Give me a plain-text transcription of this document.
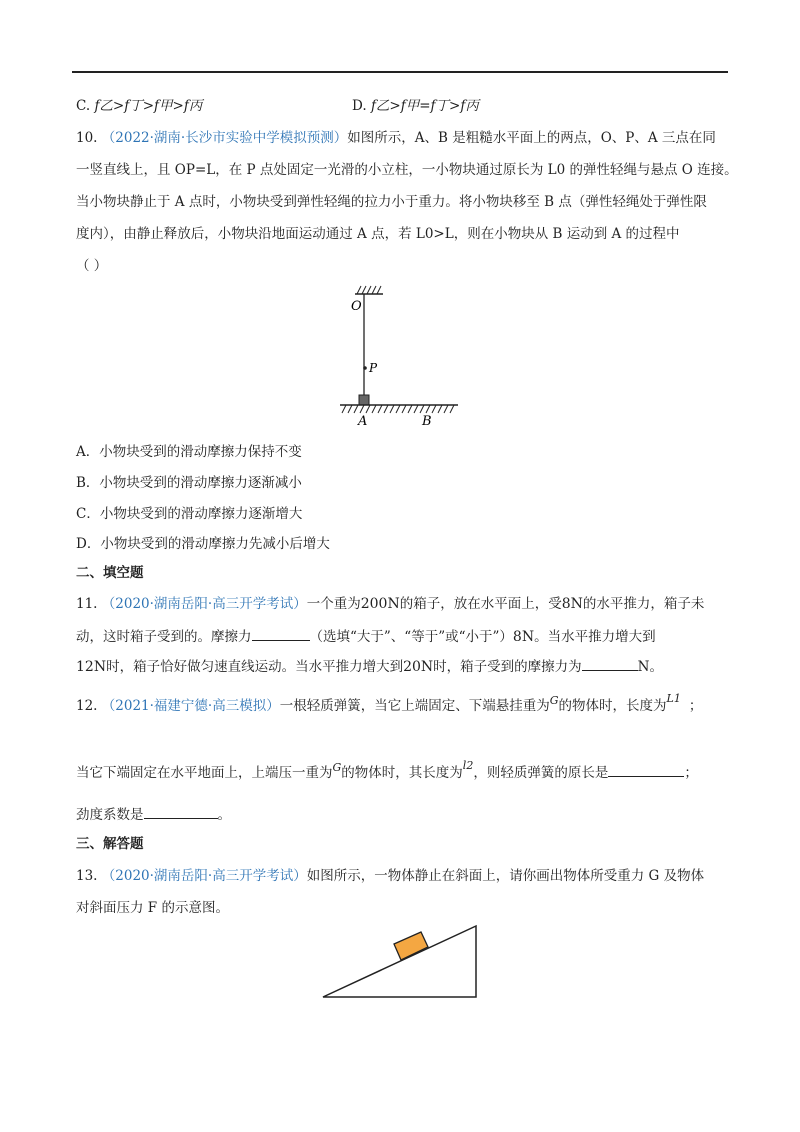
C. f乙>f丁>f甲>f丙	D. f乙>f甲=f丁>f丙
10. （2022·湖南·长沙市实验中学模拟预测）如图所示，A、B 是粗糙水平面上的两点，O、P、A 三点在同
一竖直线上，且 OP=L，在 P 点处固定一光滑的小立柱，一小物块通过原长为 L0 的弹性轻绳与悬点 O 连接。
当小物块静止于 A 点时，小物块受到弹性轻绳的拉力小于重力。将小物块移至 B 点（弹性轻绳处于弹性限
度内），由静止释放后，小物块沿地面运动通过 A 点，若 L0>L，则在小物块从 B 运动到 A 的过程中
（ ）
O
P
A	B
A．小物块受到的滑动摩擦力保持不变
B．小物块受到的滑动摩擦力逐渐减小
C．小物块受到的滑动摩擦力逐渐增大
D．小物块受到的滑动摩擦力先减小后增大
二、填空题
11. （2020·湖南岳阳·高三开学考试）一个重为200N的箱子，放在水平面上，受8N的水平推力，箱子未
动，这时箱子受到的。摩擦力	（选填“大于”、“等于”或“小于”）8N。当水平推力增大到
12N时，箱子恰好做匀速直线运动。当水平推力增大到20N时，箱子受到的摩擦力为	N。
12. （2021·福建宁德·高三模拟）一根轻质弹簧，当它上端固定、下端悬挂重为$^G$的物体时，长度为$^{L1}$ ；
当它下端固定在水平地面上，上端压一重为$^G$的物体时，其长度为$^{l2}$，则轻质弹簧的原长是	；
劲度系数是	。
三、解答题
13. （2020·湖南岳阳·高三开学考试）如图所示，一物体静止在斜面上，请你画出物体所受重力 G 及物体
对斜面压力 F 的示意图。
